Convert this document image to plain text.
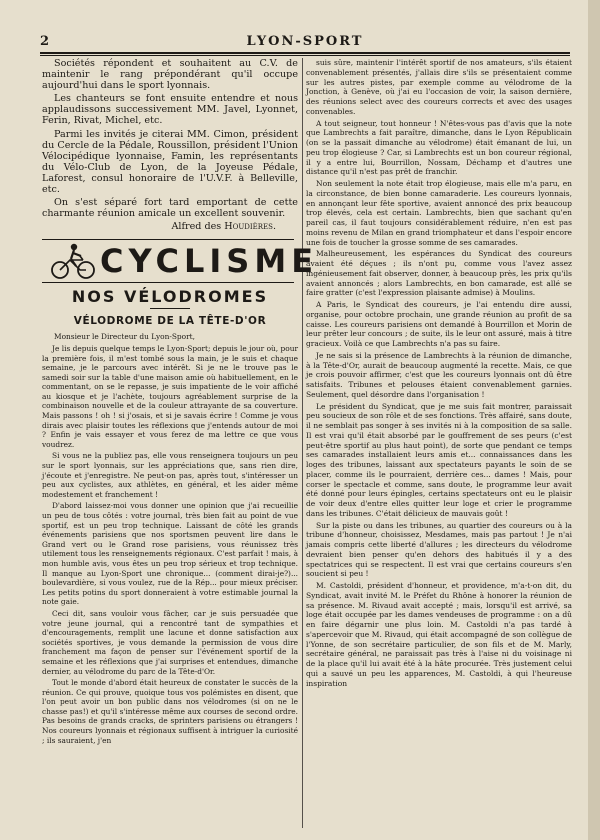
2	LYON-SPORT

Sociétés répondent et souhaitent au C.V. de maintenir le rang prépondérant qu'il occupe aujourd'hui dans le sport lyonnais.

Les chanteurs se font ensuite entendre et nous applaudissons successivement MM. Javel, Lyonnet, Ferin, Rivat, Michel, etc.

Parmi les invités je citerai MM. Cimon, président du Cercle de la Pédale, Roussillon, président l'Union Vélocipédique lyonnaise, Famin, les représentants du Vélo-Club de Lyon, de la Joyeuse Pédale, Laforest, consul honoraire de l'U.V.F. à Belleville, etc.

On s'est séparé fort tard emportant de cette charmante réunion amicale un excellent souvenir.

Alfred des Houdières.
CYCLISME
NOS VÉLODROMES
VÉLODROME DE LA TÊTE-D'OR

Monsieur le Directeur du Lyon-Sport,

Je lis depuis quelque temps le Lyon-Sport; depuis le jour où, pour la première fois, il m'est tombé sous la main, je le suis et chaque semaine, je le parcours avec intérêt. Si je ne le trouve pas le samedi soir sur la table d'une maison amie où habituellement, en le commentant, on se le repasse, je suis impatiente de le voir affiché au kiosque et je l'achète, toujours agréablement surprise de la combinaison nouvelle et de la couleur attrayante de sa couverture. Mais passons ! oh ! si j'osais, et si je savais écrire ! Comme je vous dirais avec plaisir toutes les réflexions que j'entends autour de moi ? Enfin je vais essayer et vous ferez de ma lettre ce que vous voudrez.

Si vous ne la publiez pas, elle vous renseignera toujours un peu sur le sport lyonnais, sur les appréciations que, sans rien dire, j'écoute et j'enregistre. Ne peut-on pas, après tout, s'intéresser un peu aux cyclistes, aux athlètes, en général, et les aider même modestement et franchement !

D'abord laissez-moi vous donner une opinion que j'ai recueillie un peu de tous côtés : votre journal, très bien fait au point de vue sportif, est un peu trop technique. Laissant de côté les grands événements parisiens que nos sportsmen peuvent lire dans le Grand vert ou le Grand rose parisiens, vous réunissez très utilement tous les renseignements régionaux. C'est parfait ! mais, à mon humble avis, vous êtes un peu trop sérieux et trop technique. Il manque au Lyon-Sport une chronique... (comment dirai-je?)... boulevardière, si vous voulez, rue de la Rép... pour mieux préciser. Les petits potins du sport donneraient à votre estimable journal la note gaie.

Ceci dit, sans vouloir vous fâcher, car je suis persuadée que votre jeune journal, qui a rencontré tant de sympathies et d'encouragements, remplit une lacune et donne satisfaction aux sociétés sportives, je vous demande la permission de vous dire franchement ma façon de penser sur l'événement sportif de la semaine et les réflexions que j'ai surprises et entendues, dimanche dernier, au vélodrome du parc de la Tête-d'Or.

Tout le monde d'abord était heureux de constater le succès de la réunion. Ce qui prouve, quoique tous vos polémistes en disent, que l'on peut avoir un bon public dans nos vélodromes (si on ne le chasse pas!) et qu'il s'intéresse même aux courses de second ordre. Pas besoins de grands cracks, de sprinters parisiens ou étrangers ! Nos coureurs lyonnais et régionaux suffisent à intriguer la curiosité ; ils sauraient, j'en

suis sûre, maintenir l'intérêt sportif de nos amateurs, s'ils étaient convenablement présentés, j'allais dire s'ils se présentaient comme sur les autres pistes, par exemple comme au vélodrome de la Jonction, à Genève, où j'ai eu l'occasion de voir, la saison dernière, des réunions select avec des coureurs corrects et avec des usages convenables.

A tout seigneur, tout honneur ! N'êtes-vous pas d'avis que la note que Lambrechts a fait paraître, dimanche, dans le Lyon Républicain (on se la passait dimanche au vélodrome) était émanant de lui, un peu trop élogieuse ? Car, si Lambrechts est un bon coureur régional, il y a entre lui, Bourrillon, Nossam, Déchamp et d'autres une distance qu'il n'est pas prêt de franchir.

Non seulement la note était trop élogieuse, mais elle m'a paru, en la circonstance, de bien bonne camaraderie. Les coureurs lyonnais, en annonçant leur fête sportive, avaient annoncé des prix beaucoup trop élevés, cela est certain. Lambrechts, bien que sachant qu'en pareil cas, il faut toujours considérablement réduire, n'en est pas moins revenu de Milan en grand triomphateur et dans l'espoir encore une fois de toucher la grosse somme de ses camarades.

Malheureusement, les espérances du Syndicat des coureurs avaient été déçues ; ils n'ont pu, comme vous l'avez assez ingénieusement fait observer, donner, à beaucoup près, les prix qu'ils avaient annoncés ; alors Lambrechts, en bon camarade, est allé se faire gratter (c'est l'expression plaisante admise) à Moulins.

A Paris, le Syndicat des coureurs, je l'ai entendu dire aussi, organise, pour octobre prochain, une grande réunion au profit de sa caisse. Les coureurs parisiens ont demandé à Bourrillon et Morin de leur prêter leur concours ; de suite, ils le leur ont assuré, mais à titre gracieux. Voilà ce que Lambrechts n'a pas su faire.

Je ne sais si la présence de Lambrechts à la réunion de dimanche, à la Tête-d'Or, aurait de beaucoup augmenté la recette. Mais, ce que je crois pouvoir affirmer, c'est que les coureurs lyonnais ont dû être satisfaits. Tribunes et pelouses étaient convenablement garnies. Seulement, quel désordre dans l'organisation !

Le président du Syndicat, que je me suis fait montrer, paraissait peu soucieux de son rôle et de ses fonctions. Très affairé, sans doute, il ne semblait pas songer à ses invités ni à la composition de sa salle. Il est vrai qu'il était absorbé par le gouffrement de ses peurs (c'est peut-être sportif au plus haut point), de sorte que pendant ce temps ses camarades installaient leurs amis et... connaissances dans les loges des tribunes, laissant aux spectateurs payants le soin de se placer, comme ils le pourraient, derrière ces... dames ! Mais, pour corser le spectacle et comme, sans doute, le programme leur avait été donné pour leurs épingles, certains spectateurs ont eu le plaisir de voir deux d'entre elles quitter leur loge et crier le programme dans les tribunes. C'était délicieux de mauvais goût !

Sur la piste ou dans les tribunes, au quartier des coureurs ou à la tribune d'honneur, choisissez, Mesdames, mais pas partout ! Je n'ai jamais compris cette liberté d'allures ; les directeurs du vélodrome devraient bien penser qu'en dehors des habitués il y a des spectatrices qui se respectent. Il est vrai que certains coureurs s'en soucient si peu !

M. Castoldi, président d'honneur, et providence, m'a-t-on dit, du Syndicat, avait invité M. le Préfet du Rhône à honorer la réunion de sa présence. M. Rivaud avait accepté ; mais, lorsqu'il est arrivé, sa loge était occupée par les dames vendeuses de programme : on a dû en faire dégarnir une plus loin. M. Castoldi n'a pas tardé à s'apercevoir que M. Rivaud, qui était accompagné de son collègue de l'Yonne, de son secrétaire particulier, de son fils et de M. Marly, secrétaire général, ne paraissait pas très à l'aise ni du voisinage ni de la place qu'il lui avait été à la hâte procurée. Très justement celui qui a sauvé un peu les apparences, M. Castoldi, à qui l'heureuse inspiration
